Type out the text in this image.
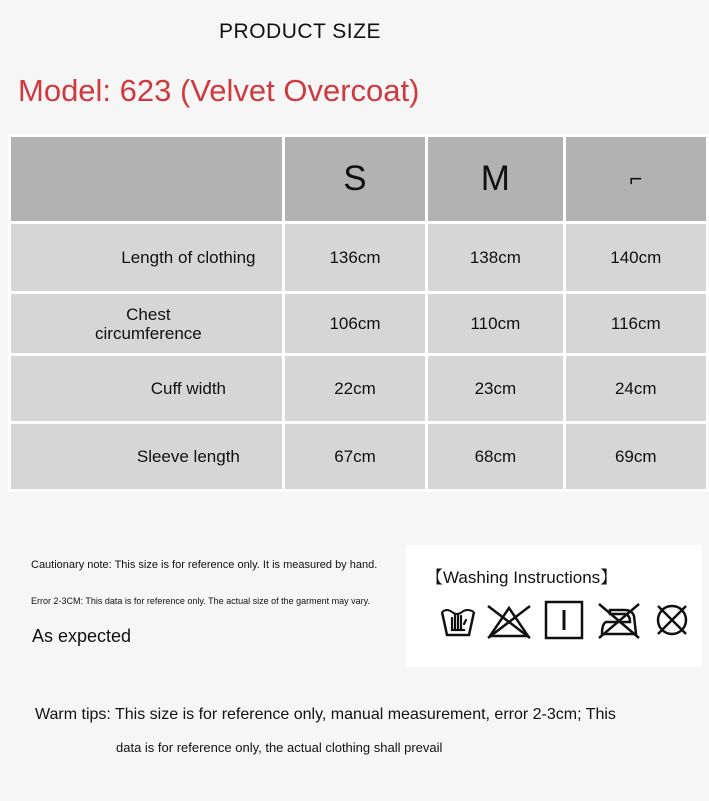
PRODUCT SIZE
Model: 623 (Velvet Overcoat)
	S	M	⌐
Length of clothing	136cm	138cm	140cm
Chest circumference	106cm	110cm	116cm
Cuff width	22cm	23cm	24cm
Sleeve length	67cm	68cm	69cm
Cautionary note: This size is for reference only. It is measured by hand.
Error 2-3CM: This data is for reference only. The actual size of the garment may vary.
As expected
【Washing Instructions】
Warm tips: This size is for reference only, manual measurement, error 2-3cm; This
data is for reference only, the actual clothing shall prevail
